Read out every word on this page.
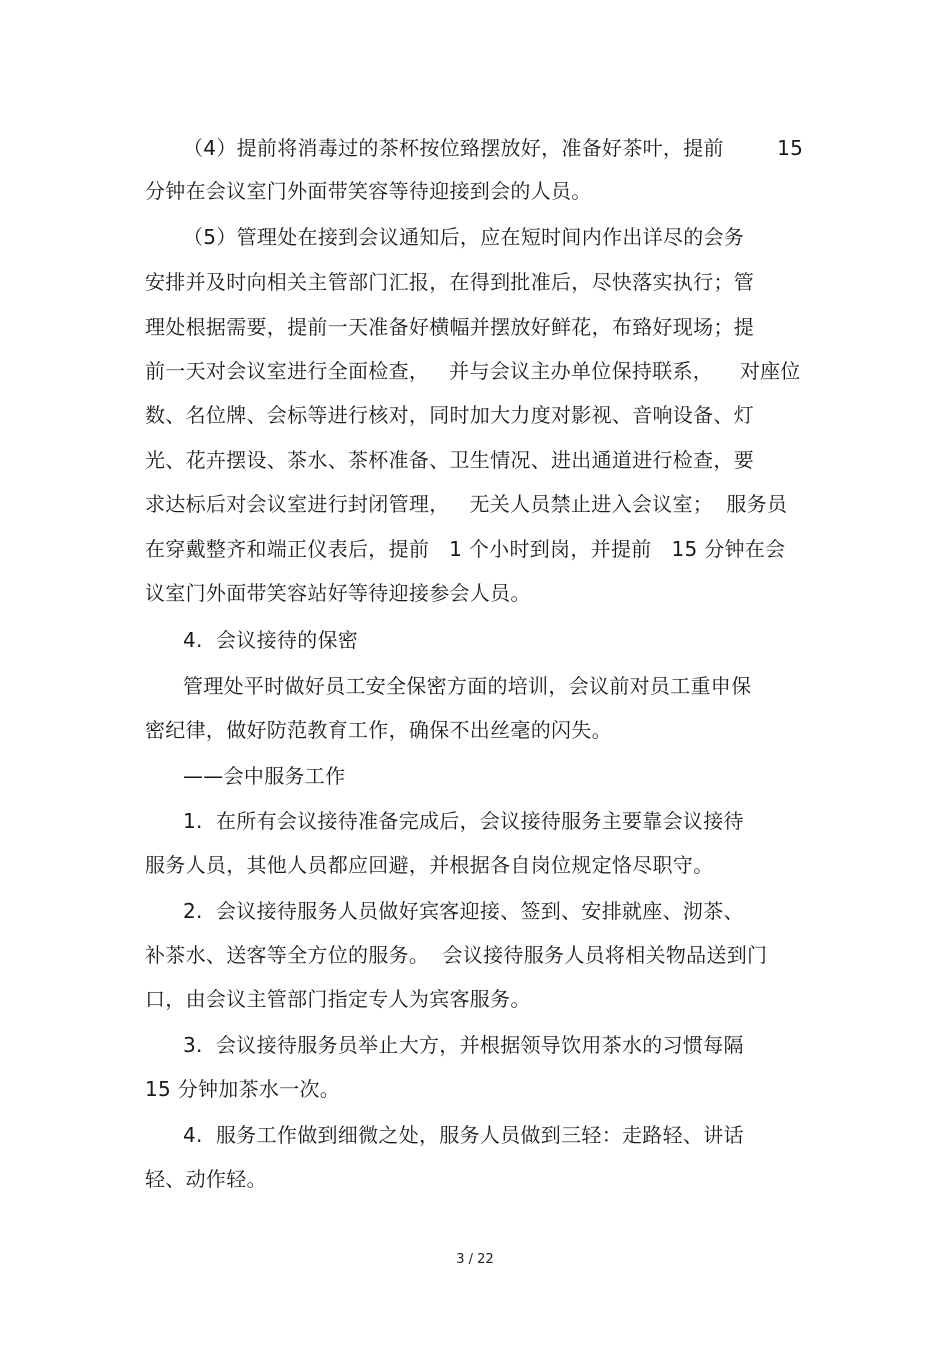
（4）提前将消毒过的茶杯按位臵摆放好，准备好茶叶，提前        15
分钟在会议室门外面带笑容等待迎接到会的人员。
（5）管理处在接到会议通知后，应在短时间内作出详尽的会务
安排并及时向相关主管部门汇报，在得到批准后，尽快落实执行；管
理处根据需要，提前一天准备好横幅并摆放好鲜花，布臵好现场；提
前一天对会议室进行全面检查，   并与会议主办单位保持联系，    对座位
数、名位牌、会标等进行核对，同时加大力度对影视、音响设备、灯
光、花卉摆设、茶水、茶杯准备、卫生情况、进出通道进行检查，要
求达标后对会议室进行封闭管理，   无关人员禁止进入会议室；  服务员
在穿戴整齐和端正仪表后，提前   1 个小时到岗，并提前   15 分钟在会
议室门外面带笑容站好等待迎接参会人员。
4.  会议接待的保密
管理处平时做好员工安全保密方面的培训，会议前对员工重申保
密纪律，做好防范教育工作，确保不出丝毫的闪失。
——会中服务工作
1.  在所有会议接待准备完成后，会议接待服务主要靠会议接待
服务人员，其他人员都应回避，并根据各自岗位规定恪尽职守。
2.  会议接待服务人员做好宾客迎接、签到、安排就座、沏茶、
补茶水、送客等全方位的服务。  会议接待服务人员将相关物品送到门
口，由会议主管部门指定专人为宾客服务。
3.  会议接待服务员举止大方，并根据领导饮用茶水的习惯每隔
15 分钟加茶水一次。
4.  服务工作做到细微之处，服务人员做到三轻：走路轻、讲话
轻、动作轻。
3 / 22
